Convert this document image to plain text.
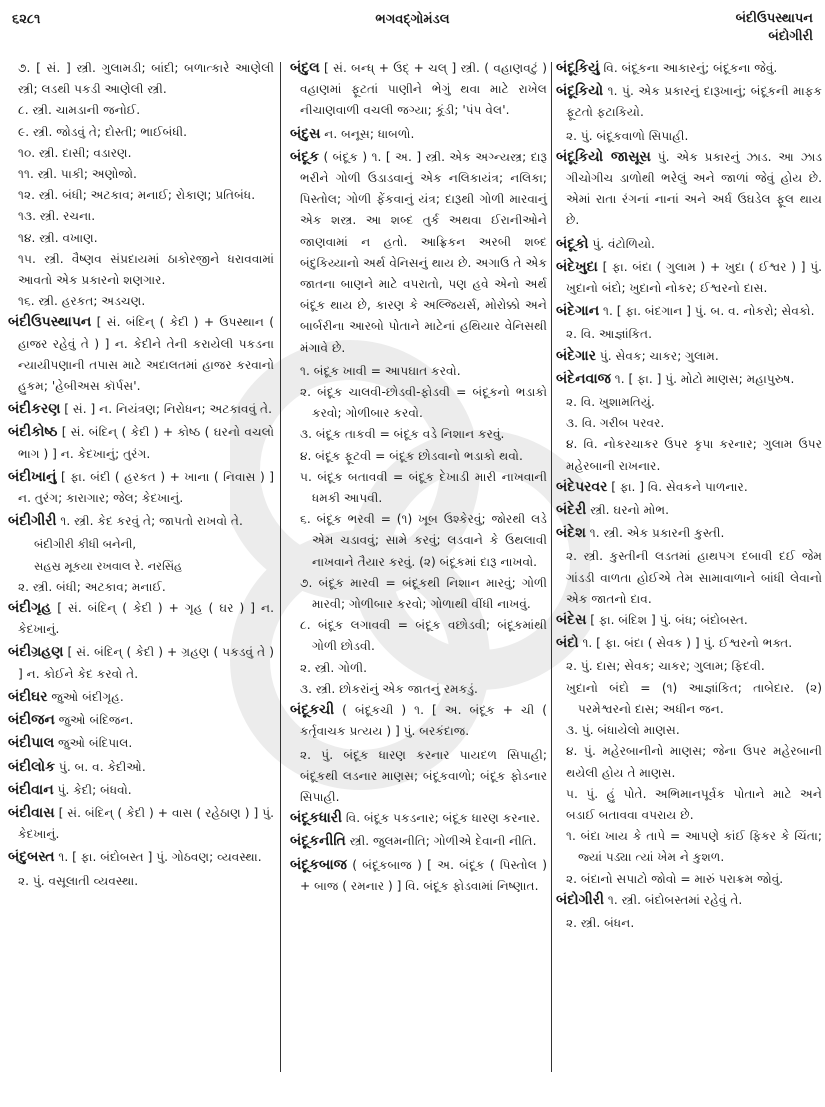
૬૨૮૧	ભગવદ્ગોમંડલ	બંદીઉપસ્થાપન
બંદોગીરી

૭. [ સં. ] સ્ત્રી. ગુલામડી; બાંદી; બળાત્કારે આણેલી સ્ત્રી; લડથી પકડી આણેલી સ્ત્રી.

૮. સ્ત્રી. ચામડાની જનોઈ.

૯. સ્ત્રી. જોડવું તે; દોસ્તી; ભાઈબંધી.

૧૦. સ્ત્રી. દાસી; વડારણ.

૧૧. સ્ત્રી. પાકી; અણોજો.

૧૨. સ્ત્રી. બંધી; અટકાવ; મનાઈ; રોકાણ; પ્રતિબંધ.

૧૩. સ્ત્રી. રચના.

૧૪. સ્ત્રી. વખાણ.

૧૫. સ્ત્રી. વૈષ્ણવ સંપ્રદાયમાં ઠાકોરજીને ધરાવવામાં આવતો એક પ્રકારનો શણગાર.

૧૬. સ્ત્રી. હરકત; અડચણ.

બંદીઉપસ્થાપન [ સં. બંદિન્ ( કેદી ) + ઉપસ્થાન ( હાજર રહેવું તે ) ] ન. કેદીને તેની કરાયેલી પકડના ન્યાયીપણાની તપાસ માટે અદાલતમાં હાજર કરવાનો હુકમ; 'હેબીઅસ કૉર્પસ'.

બંદીકરણ [ સં. ] ન. નિયંત્રણ; નિરોધન; અટકાવવું તે.

બંદીકોષ્ઠ [ સં. બંદિન્ ( કેદી ) + કોષ્ઠ ( ઘરનો વચલો ભાગ ) ] ન. કેદખાનું; તુરંગ.

બંદીખાનું [ ફા. બંદી ( હરકત ) + ખાના ( નિવાસ ) ] ન. તુરંગ; કારાગાર; જેલ; કેદખાનું.

બંદીગીરી ૧. સ્ત્રી. કેદ કરવું તે; જાપતો રાખવો તે.

બંદીગીરી કીધી બનેની,

સહસ્ર મૂકયા રખવાલ રે. નરસિંહ

૨. સ્ત્રી. બંધી; અટકાવ; મનાઈ.

બંદીગૃહ [ સં. બંદિન્ ( કેદી ) + ગૃહ ( ઘર ) ] ન. કેદખાનું.

બંદીગ્રહણ [ સં. બંદિન્ ( કેદી ) + ગ્રહણ ( પકડવું તે ) ] ન. કોઈને કેદ કરવો તે.

બંદીઘર જુઓ બંદીગૃહ.

બંદીજન જુઓ બંદિજન.

બંદીપાલ જુઓ બંદિપાલ.

બંદીલોક પું. બ. વ. કેદીઓ.

બંદીવાન પું. કેદી; બંધવો.

બંદીવાસ [ સં. બંદિન્ ( કેદી ) + વાસ ( રહેઠાણ ) ] પું. કેદખાનું.

બંદુબસ્ત ૧. [ ફા. બંદોબસ્ત ] પું. ગોઠવણ; વ્યવસ્થા.

૨. પું. વસૂલાતી વ્યવસ્થા.

બંદુલ [ સં. બન્ધ્ + ઉદ્ + ચલ્ ] સ્ત્રી. ( વહાણવટું ) વહાણમાં ફૂટતાં પાણીને ભેગું થવા માટે રાખેલ નીચાણવાળી વચલી જગ્યા; કૂંડી; 'પંપ વેલ'.

બંદુસ ન. બનૂસ; ધાબળો.

બંદૂક ( બંદૂક ) ૧. [ અ. ] સ્ત્રી. એક અગ્ન્યસ્ત્ર; દારૂ ભરીને ગોળી ઉડાડવાનું એક નલિકાયંત્ર; નલિકા; પિસ્તોલ; ગોળી ફેંકવાનું યંત્ર; દારૂથી ગોળી મારવાનું એક શસ્ત્ર. આ શબ્દ તુર્ક અથવા ઈરાનીઓને જાણવામાં ન હતો. આફ્રિકન અરબી શબ્દ બંદુકિય્યાનો અર્થ વેનિસનું થાય છે. અગાઉ તે એક જાતના બાણને માટે વપરાતો, પણ હવે એનો અર્થ બંદૂક થાય છે, કારણ કે અલ્જિયર્સ, મોરોક્કો અને બાર્બરીના આરબો પોતાને માટેનાં હથિયાર વેનિસથી મંગાવે છે.

૧. બંદૂક ખાવી = આપઘાત કરવો.

૨. બંદૂક ચાલવી-છોડવી-ફોડવી = બંદૂકનો ભડાકો કરવો; ગોળીબાર કરવો.

૩. બંદૂક તાકવી = બંદૂક વડે નિશાન કરવું.

૪. બંદૂક ફૂટવી = બંદૂક છોડવાનો ભડાકો થવો.

૫. બંદૂક બતાવવી = બંદૂક દેખાડી મારી નાખવાની ધમકી આપવી.

૬. બંદૂક ભરવી = (૧) ખૂબ ઉશ્કેરવું; જોરથી લડે એમ ચડાવવું; સામે કરવું; લડવાને કે ઉથલાવી નાખવાને તૈયાર કરવું. (૨) બંદૂકમાં દારૂ નાખવો.

૭. બંદૂક મારવી = બંદૂકથી નિશાન મારવું; ગોળી મારવી; ગોળીબાર કરવો; ગોળાથી વીંધી નાખવું.

૮. બંદૂક લગાવવી = બંદૂક વછોડવી; બંદૂકમાંથી ગોળી છોડવી.

૨. સ્ત્રી. ગોળી.

૩. સ્ત્રી. છોકરાંનું એક જાતનું રમકડું.

બંદૂકચી ( બંદૂકચી ) ૧. [ અ. બંદૂક + ચી ( કર્તૃવાચક પ્રત્યય ) ] પું. બરકંદાજ.

૨. પું. બંદૂક ધારણ કરનાર પાયદળ સિપાહી; બંદૂકથી લડનાર માણસ; બંદૂકવાળો; બંદૂક ફોડનાર સિપાહી.

બંદૂકધારી વિ. બંદૂક પકડનાર; બંદૂક ધારણ કરનાર.

બંદૂકનીતિ સ્ત્રી. જુલમનીતિ; ગોળીએ દેવાની નીતિ.

બંદૂકબાજ ( બંદૂકબાજ ) [ અ. બંદૂક ( પિસ્તોલ ) + બાજ ( રમનાર ) ] વિ. બંદૂક ફોડવામાં નિષ્ણાત.

બંદૂકિયું વિ. બંદૂકના આકારનું; બંદૂકના જેવું.

બંદૂકિયો ૧. પું. એક પ્રકારનું દારૂખાનું; બંદૂકની માફક ફૂટતો ફટાકિયો.

૨. પું. બંદૂકવાળો સિપાહી.

બંદૂકિયો જાસૂસ પું. એક પ્રકારનું ઝાડ. આ ઝાડ ગીચોગીચ ડાળોથી ભરેલું અને જાળાં જેવું હોય છે. એમાં રાતા રંગનાં નાનાં અને અર્ધ ઉઘડેલ ફૂલ થાય છે.

બંદૂકો પું. વંટોળિયો.

બંદેખુદા [ ફા. બંદા ( ગુલામ ) + ખુદા ( ઈશ્વર ) ] પું. ખુદાનો બંદો; ખુદાનો નોકર; ઈશ્વરનો દાસ.

બંદેગાન ૧. [ ફા. બંદગાન ] પું. બ. વ. નોકરો; સેવકો.

૨. વિ. આજ્ઞાંકિત.

બંદેગાર પું. સેવક; ચાકર; ગુલામ.

બંદેનવાજ ૧. [ ફા. ] પું. મોટો માણસ; મહાપુરુષ.

૨. વિ. ખુશામતિયું.

૩. વિ. ગરીબ પરવર.

૪. વિ. નોકરચાકર ઉપર કૃપા કરનાર; ગુલામ ઉપર મહેરબાની રાખનાર.

બંદેપરવર [ ફા. ] વિ. સેવકને પાળનાર.

બંદેરી સ્ત્રી. ઘરનો મોભ.

બંદેશ ૧. સ્ત્રી. એક પ્રકારની કુસ્તી.

૨. સ્ત્રી. કુસ્તીની લડતમાં હાથપગ દબાવી દઈ જેમ ગાંડડી વાળતા હોઈએ તેમ સામાવાળાને બાંધી લેવાનો એક જાતનો દાવ.

બંદેસ [ ફા. બંદિશ ] પું. બંધ; બંદોબસ્ત.

બંદો ૧. [ ફા. બંદા ( સેવક ) ] પું. ઈશ્વરનો ભક્ત.

૨. પું. દાસ; સેવક; ચાકર; ગુલામ; ફિદવી.

ખુદાનો બંદો = (૧) આજ્ઞાંકિત; તાબેદાર. (૨) પરમેશ્વરનો દાસ; અધીન જન.

૩. પું. બંધાયેલો માણસ.

૪. પું. મહેરબાનીનો માણસ; જેના ઉપર મહેરબાની થયેલી હોય તે માણસ.

૫. પું. હું પોતે. અભિમાનપૂર્વક પોતાને માટે અને બડાઈ બતાવવા વપરાય છે.

૧. બંદા ખાય કે તાપે = આપણે કાંઈ ફિકર કે ચિંતા; જ્યાં પડ્યા ત્યાં ખેમ ને કુશળ.

૨. બંદાનો સપાટો જોવો = મારું પરાક્રમ જોવું.

બંદોગીરી ૧. સ્ત્રી. બંદોબસ્તમાં રહેવું તે.

૨. સ્ત્રી. બંધન.
